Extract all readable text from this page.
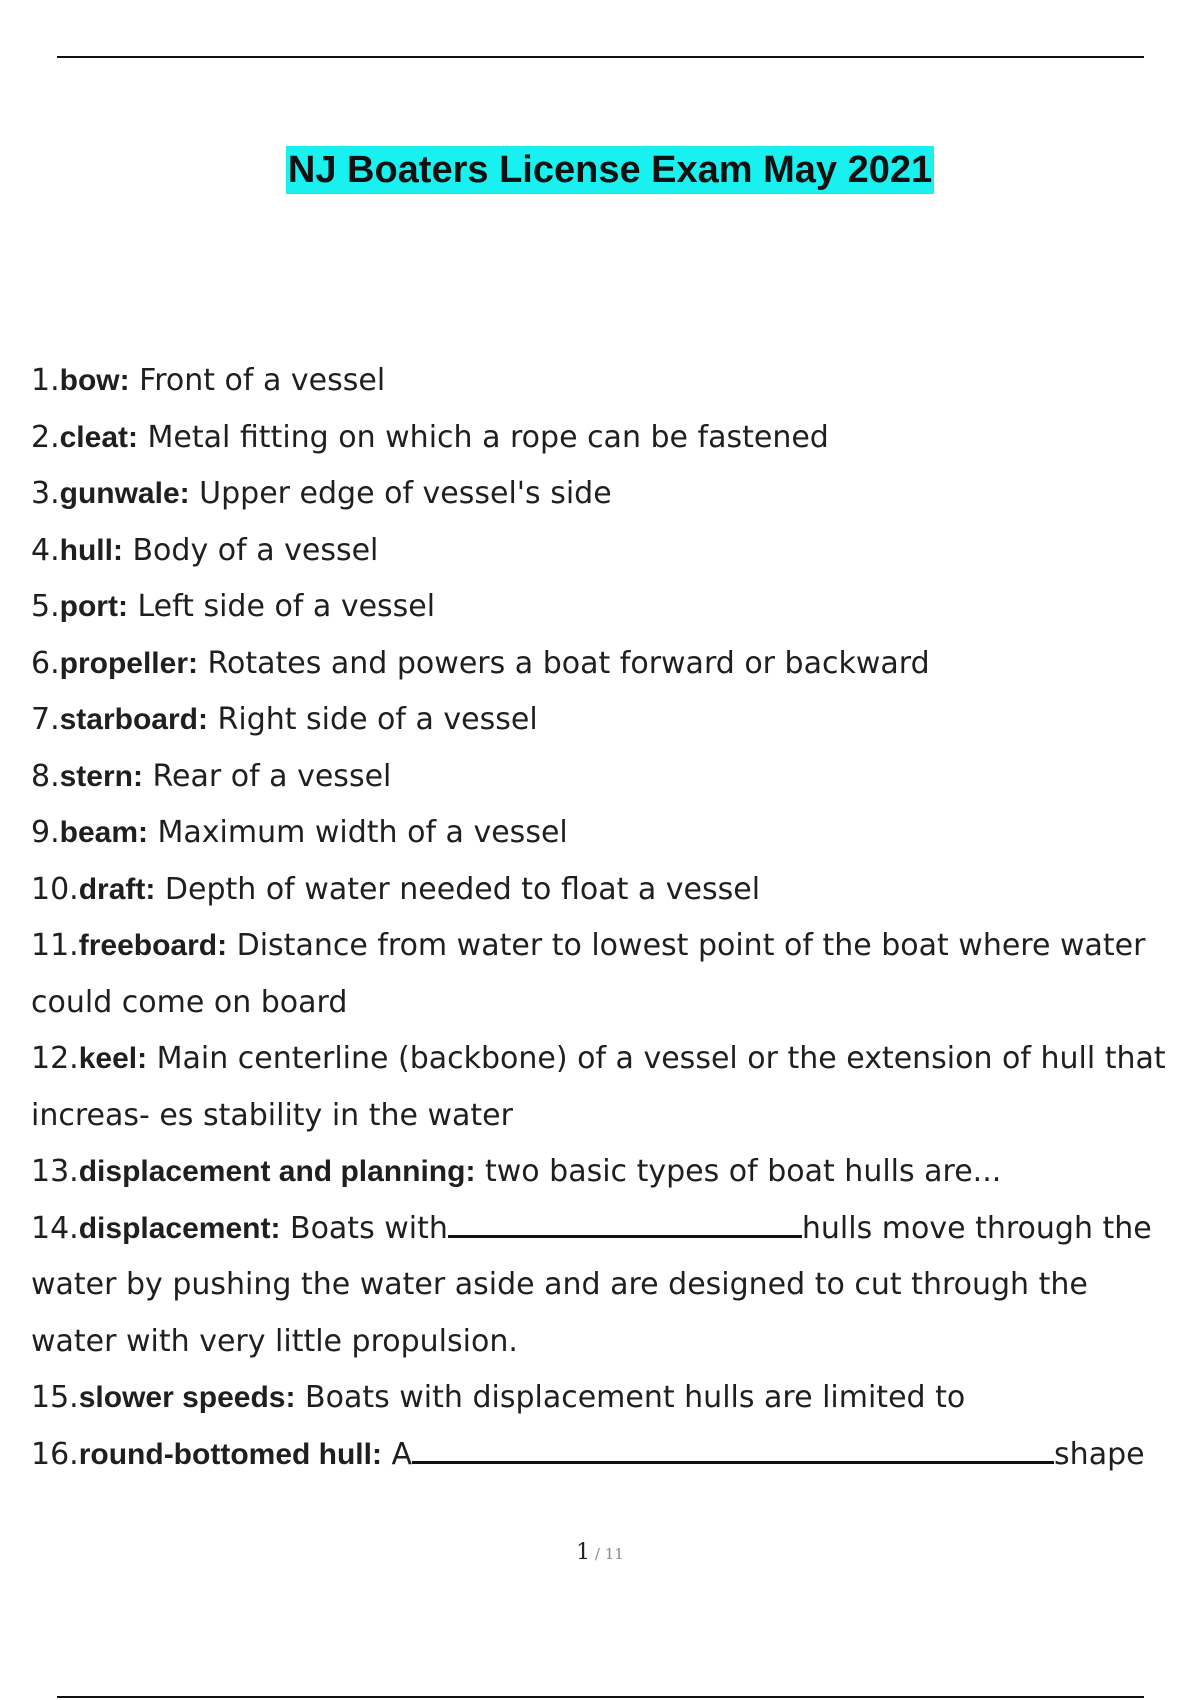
NJ Boaters License Exam May 2021
1.bow: Front of a vessel
2.cleat: Metal fitting on which a rope can be fastened
3.gunwale: Upper edge of vessel's side
4.hull: Body of a vessel
5.port: Left side of a vessel
6.propeller: Rotates and powers a boat forward or backward
7.starboard: Right side of a vessel
8.stern: Rear of a vessel
9.beam: Maximum width of a vessel
10.draft: Depth of water needed to float a vessel
11.freeboard: Distance from water to lowest point of the boat where water could come on board
12.keel: Main centerline (backbone) of a vessel or the extension of hull that increas- es stability in the water
13.displacement and planning: two basic types of boat hulls are...
14.displacement: Boats with	hulls move through the water by pushing the water aside and are designed to cut through the water with very little propulsion.
15.slower speeds: Boats with displacement hulls are limited to
16.round-bottomed hull: A	shape
1 / 11
